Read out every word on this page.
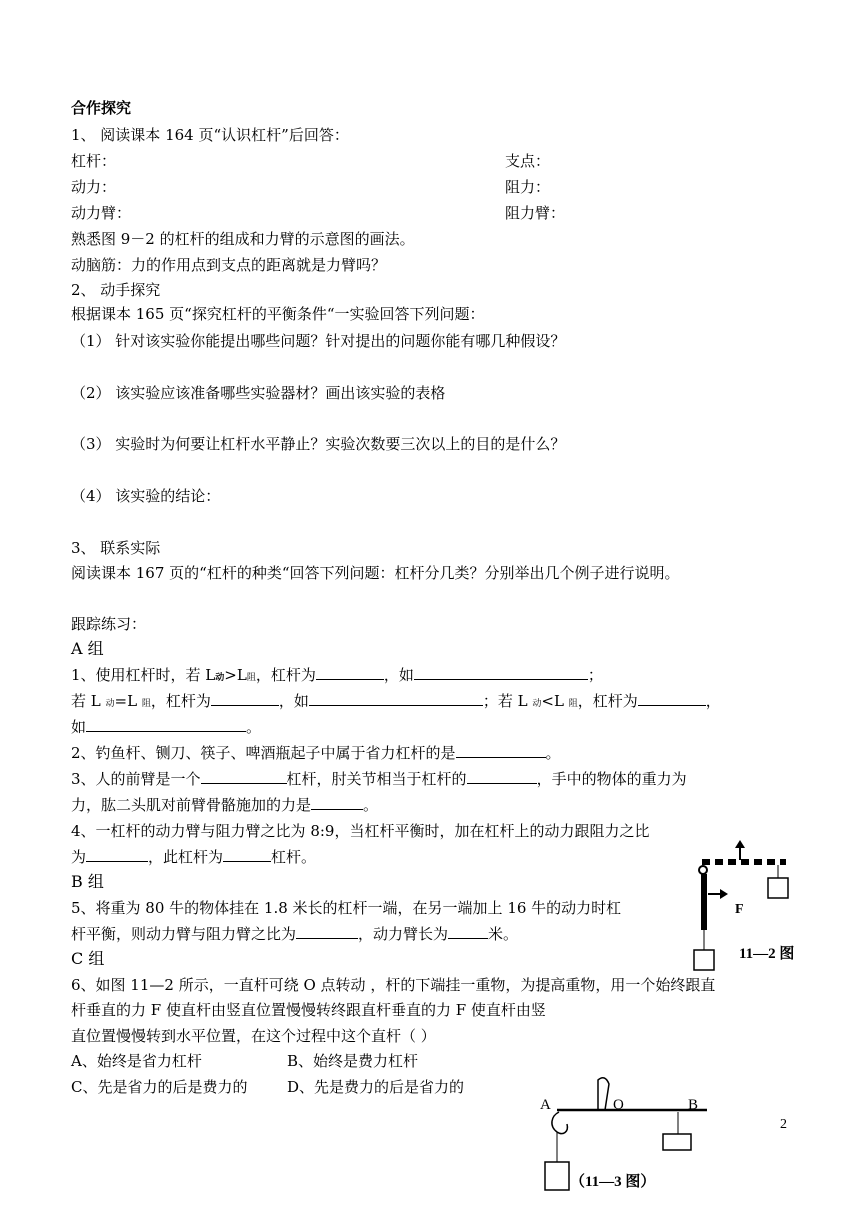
合作探究
1、 阅读课本 164 页“认识杠杆”后回答：
杠杆：	支点：
动力：	阻力：
动力臂：	阻力臂：
熟悉图 9－2 的杠杆的组成和力臂的示意图的画法。
动脑筋：力的作用点到支点的距离就是力臂吗？
2、 动手探究
根据课本 165 页“探究杠杆的平衡条件“一实验回答下列问题：
（1） 针对该实验你能提出哪些问题？针对提出的问题你能有哪几种假设？
（2） 该实验应该准备哪些实验器材？画出该实验的表格
（3） 实验时为何要让杠杆水平静止？实验次数要三次以上的目的是什么？
（4） 该实验的结论：
3、 联系实际
阅读课本 167 页的“杠杆的种类“回答下列问题：杠杆分几类？分别举出几个例子进行说明。
跟踪练习：
A 组
1、使用杠杆时，若 L动>L阻，杠杆为	，如	；
若 L 动=L 阻，杠杆为	，如	；若 L 动<L 阻，杠杆为	，
如	。
2、钓鱼杆、铡刀、筷子、啤酒瓶起子中属于省力杠杆的是	。
3、人的前臂是一个	杠杆，肘关节相当于杠杆的	，手中的物体的重力为
力，肱二头肌对前臂骨骼施加的力是	。
4、一杠杆的动力臂与阻力臂之比为 8:9，当杠杆平衡时，加在杠杆上的动力跟阻力之比
为	，此杠杆为	杠杆。
B 组
5、将重为 80 牛的物体挂在 1.8 米长的杠杆一端，在另一端加上 16 牛的动力时杠
杆平衡，则动力臂与阻力臂之比为	，动力臂长为	米。
C 组
6、如图 11—2 所示，一直杆可绕 O 点转动 ，杆的下端挂一重物，为提高重物，用一个始终跟直
杆垂直的力 F 使直杆由竖直位置慢慢转终跟直杆垂直的力 F 使直杆由竖
直位置慢慢转到水平位置，在这个过程中这个直杆（ ）
A、始终是省力杠杆	B、始终是费力杠杆
C、先是省力的后是费力的	D、先是费力的后是省力的
F
11—2 图
A	O	B
（11—3 图）
2
